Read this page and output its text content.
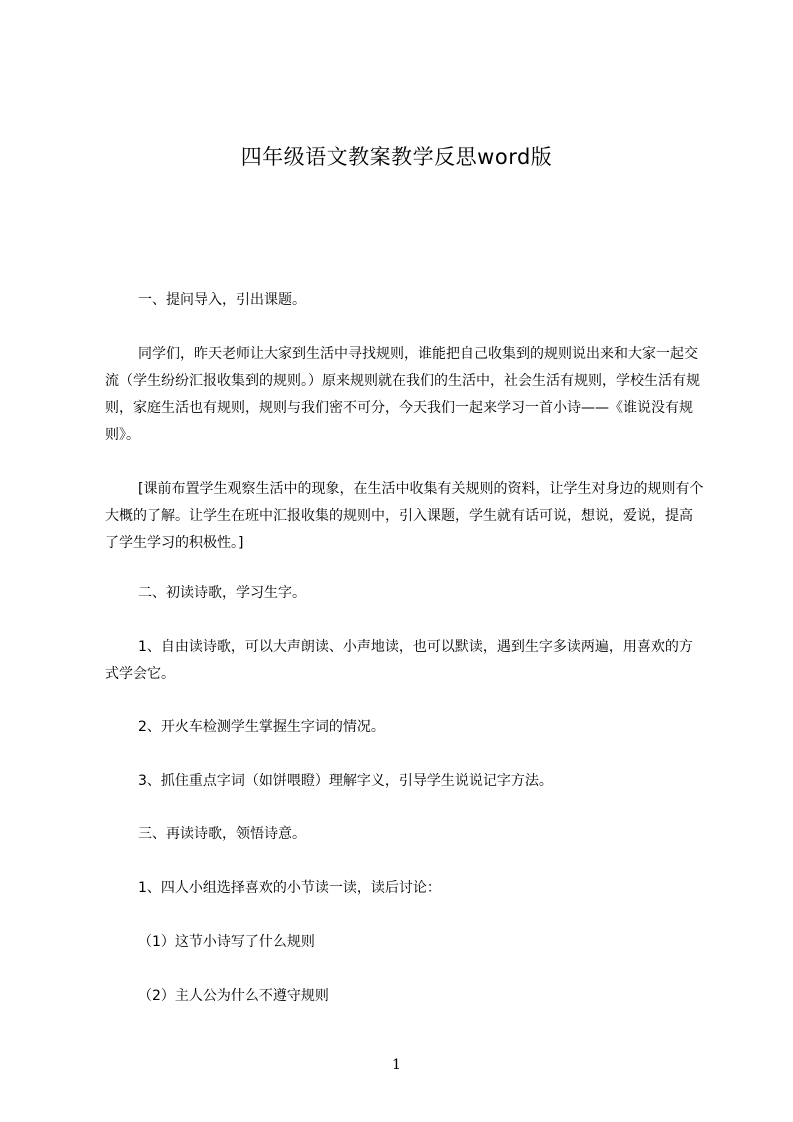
四年级语文教案教学反思word版

一、提问导入，引出课题。

同学们，昨天老师让大家到生活中寻找规则，谁能把自己收集到的规则说出来和大家一起交流（学生纷纷汇报收集到的规则。）原来规则就在我们的生活中，社会生活有规则，学校生活有规则，家庭生活也有规则，规则与我们密不可分，今天我们一起来学习一首小诗——《谁说没有规则》。

[课前布置学生观察生活中的现象，在生活中收集有关规则的资料，让学生对身边的规则有个大概的了解。让学生在班中汇报收集的规则中，引入课题，学生就有话可说，想说，爱说，提高了学生学习的积极性。]

二、初读诗歌，学习生字。

1、自由读诗歌，可以大声朗读、小声地读，也可以默读，遇到生字多读两遍，用喜欢的方式学会它。

2、开火车检测学生掌握生字词的情况。

3、抓住重点字词（如饼喂瞪）理解字义，引导学生说说记字方法。

三、再读诗歌，领悟诗意。

1、四人小组选择喜欢的小节读一读，读后讨论：

（1）这节小诗写了什么规则

（2）主人公为什么不遵守规则

1
